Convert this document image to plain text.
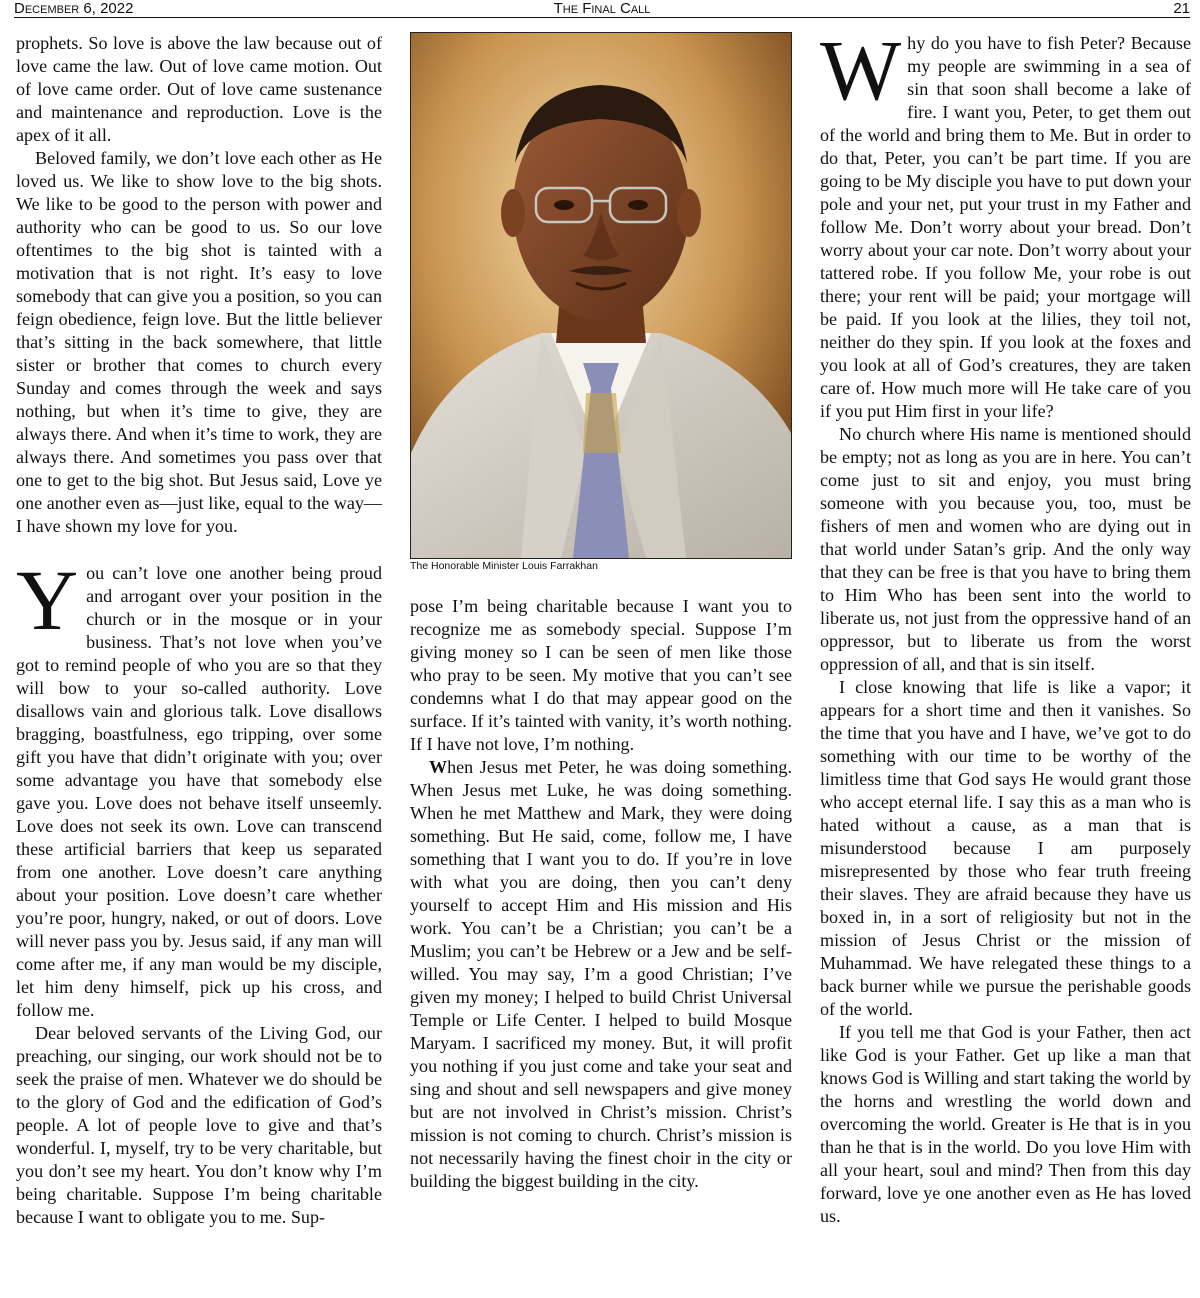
December 6, 2022	The Final Call	21

prophets. So love is above the law because out of love came the law. Out of love came motion. Out of love came order. Out of love came sustenance and maintenance and reproduction. Love is the apex of it all.

Beloved family, we don’t love each other as He loved us. We like to show love to the big shots. We like to be good to the person with power and authority who can be good to us. So our love oftentimes to the big shot is tainted with a motivation that is not right. It’s easy to love somebody that can give you a position, so you can feign obedience, feign love. But the little believer that’s sitting in the back somewhere, that little sister or brother that comes to church every Sunday and comes through the week and says nothing, but when it’s time to give, they are always there. And when it’s time to work, they are always there. And sometimes you pass over that one to get to the big shot. But Jesus said, Love ye one another even as—just like, equal to the way—I have shown my love for you.

You can’t love one another being proud and arrogant over your position in the church or in the mosque or in your business. That’s not love when you’ve got to remind people of who you are so that they will bow to your so-called authority. Love disallows vain and glorious talk. Love disallows bragging, boastfulness, ego tripping, over some gift you have that didn’t originate with you; over some advantage you have that somebody else gave you. Love does not behave itself unseemly. Love does not seek its own. Love can transcend these artificial barriers that keep us separated from one another. Love doesn’t care anything about your position. Love doesn’t care whether you’re poor, hungry, naked, or out of doors. Love will never pass you by. Jesus said, if any man will come after me, if any man would be my disciple, let him deny himself, pick up his cross, and follow me.

Dear beloved servants of the Living God, our preaching, our singing, our work should not be to seek the praise of men. Whatever we do should be to the glory of God and the edification of God’s people. A lot of people love to give and that’s wonderful. I, myself, try to be very charitable, but you don’t see my heart. You don’t know why I’m being charitable. Suppose I’m being charitable because I want to obligate you to me. Sup-

The Honorable Minister Louis Farrakhan

pose I’m being charitable because I want you to recognize me as somebody special. Suppose I’m giving money so I can be seen of men like those who pray to be seen. My motive that you can’t see condemns what I do that may appear good on the surface. If it’s tainted with vanity, it’s worth nothing. If I have not love, I’m nothing.

When Jesus met Peter, he was doing something. When Jesus met Luke, he was doing something. When he met Matthew and Mark, they were doing something. But He said, come, follow me, I have something that I want you to do. If you’re in love with what you are doing, then you can’t deny yourself to accept Him and His mission and His work. You can’t be a Christian; you can’t be a Muslim; you can’t be Hebrew or a Jew and be self-willed. You may say, I’m a good Christian; I’ve given my money; I helped to build Christ Universal Temple or Life Center. I helped to build Mosque Maryam. I sacrificed my money. But, it will profit you nothing if you just come and take your seat and sing and shout and sell newspapers and give money but are not involved in Christ’s mission. Christ’s mission is not coming to church. Christ’s mission is not necessarily having the finest choir in the city or building the biggest building in the city.

Why do you have to fish Peter? Because my people are swimming in a sea of sin that soon shall become a lake of fire. I want you, Peter, to get them out of the world and bring them to Me. But in order to do that, Peter, you can’t be part time. If you are going to be My disciple you have to put down your pole and your net, put your trust in my Father and follow Me. Don’t worry about your bread. Don’t worry about your car note. Don’t worry about your tattered robe. If you follow Me, your robe is out there; your rent will be paid; your mortgage will be paid. If you look at the lilies, they toil not, neither do they spin. If you look at the foxes and you look at all of God’s creatures, they are taken care of. How much more will He take care of you if you put Him first in your life?

No church where His name is mentioned should be empty; not as long as you are in here. You can’t come just to sit and enjoy, you must bring someone with you because you, too, must be fishers of men and women who are dying out in that world under Satan’s grip. And the only way that they can be free is that you have to bring them to Him Who has been sent into the world to liberate us, not just from the oppressive hand of an oppressor, but to liberate us from the worst oppression of all, and that is sin itself.

I close knowing that life is like a vapor; it appears for a short time and then it vanishes. So the time that you have and I have, we’ve got to do something with our time to be worthy of the limitless time that God says He would grant those who accept eternal life. I say this as a man who is hated without a cause, as a man that is misunderstood because I am purposely misrepresented by those who fear truth freeing their slaves. They are afraid because they have us boxed in, in a sort of religiosity but not in the mission of Jesus Christ or the mission of Muhammad. We have relegated these things to a back burner while we pursue the perishable goods of the world.

If you tell me that God is your Father, then act like God is your Father. Get up like a man that knows God is Willing and start taking the world by the horns and wrestling the world down and overcoming the world. Greater is He that is in you than he that is in the world. Do you love Him with all your heart, soul and mind? Then from this day forward, love ye one another even as He has loved us.
